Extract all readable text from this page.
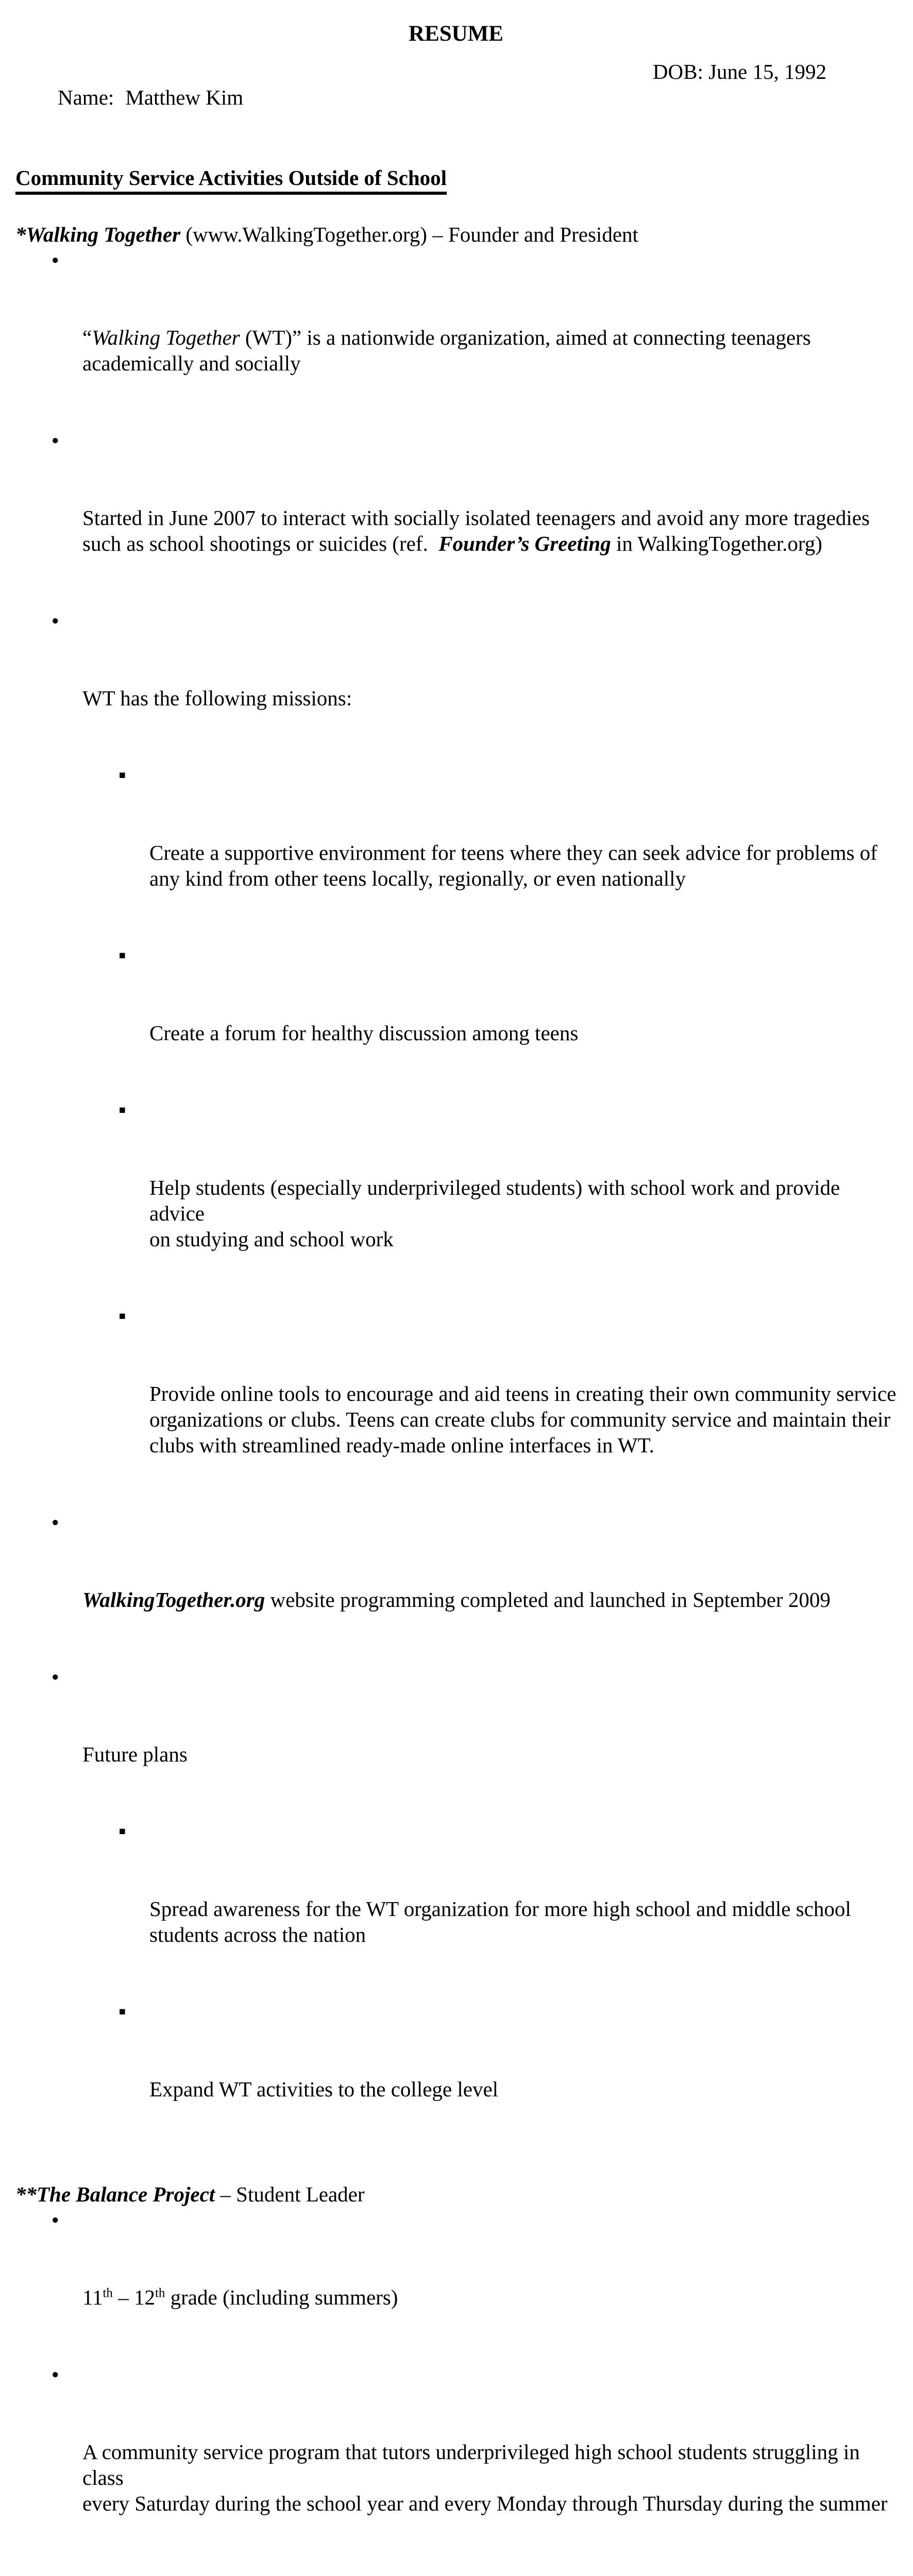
RESUME

Name: Matthew Kim

DOB: June 15, 1992
Community Service Activities Outside of School
*Walking Together (www.WalkingTogether.org) – Founder and President

●

“Walking Together (WT)” is a nationwide organization, aimed at connecting teenagers
academically and socially

●

Started in June 2007 to interact with socially isolated teenagers and avoid any more tragedies
such as school shootings or suicides (ref.  Founder’s Greeting in WalkingTogether.org)

●

WT has the following missions:

▪

Create a supportive environment for teens where they can seek advice for problems of
any kind from other teens locally, regionally, or even nationally

▪

Create a forum for healthy discussion among teens

▪

Help students (especially underprivileged students) with school work and provide advice
on studying and school work

▪

Provide online tools to encourage and aid teens in creating their own community service
organizations or clubs. Teens can create clubs for community service and maintain their
clubs with streamlined ready-made online interfaces in WT.

●

WalkingTogether.org website programming completed and launched in September 2009

●

Future plans

▪

Spread awareness for the WT organization for more high school and middle school
students across the nation

▪

Expand WT activities to the college level

**The Balance Project – Student Leader

●

11th – 12th grade (including summers)

●

A community service program that tutors underprivileged high school students struggling in class
every Saturday during the school year and every Monday through Thursday during the summer
